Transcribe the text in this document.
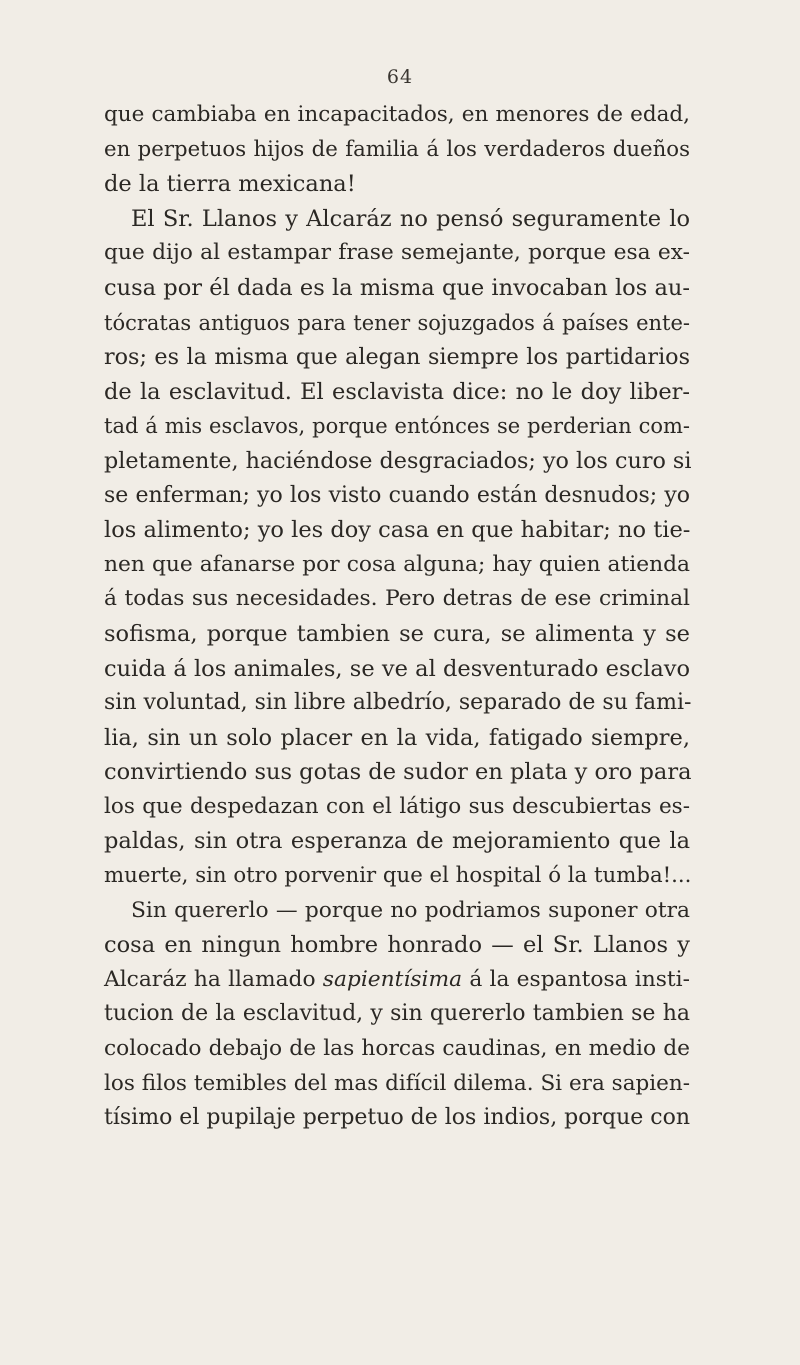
64
que cambiaba en incapacitados, en menores de edad,
en perpetuos hijos de familia á los verdaderos dueños
de la tierra mexicana!
El Sr. Llanos y Alcaráz no pensó seguramente lo
que dijo al estampar frase semejante, porque esa ex-
cusa por él dada es la misma que invocaban los au-
tócratas antiguos para tener sojuzgados á países ente-
ros; es la misma que alegan siempre los partidarios
de la esclavitud. El esclavista dice: no le doy liber-
tad á mis esclavos, porque entónces se perderian com-
pletamente, haciéndose desgraciados; yo los curo si
se enferman; yo los visto cuando están desnudos; yo
los alimento; yo les doy casa en que habitar; no tie-
nen que afanarse por cosa alguna; hay quien atienda
á todas sus necesidades. Pero detras de ese criminal
sofisma, porque tambien se cura, se alimenta y se
cuida á los animales, se ve al desventurado esclavo
sin voluntad, sin libre albedrío, separado de su fami-
lia, sin un solo placer en la vida, fatigado siempre,
convirtiendo sus gotas de sudor en plata y oro para
los que despedazan con el látigo sus descubiertas es-
paldas, sin otra esperanza de mejoramiento que la
muerte, sin otro porvenir que el hospital ó la tumba!...
Sin quererlo — porque no podriamos suponer otra
cosa en ningun hombre honrado — el Sr. Llanos y
Alcaráz ha llamado sapientísima á la espantosa insti-
tucion de la esclavitud, y sin quererlo tambien se ha
colocado debajo de las horcas caudinas, en medio de
los filos temibles del mas difícil dilema. Si era sapien-
tísimo el pupilaje perpetuo de los indios, porque con
